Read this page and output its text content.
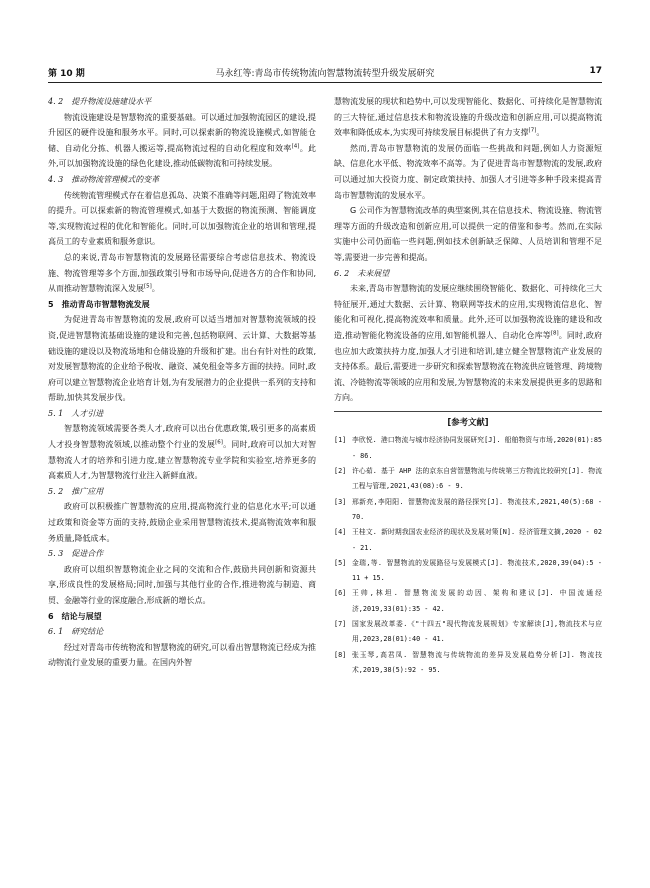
第 10 期	马永红等:青岛市传统物流向智慧物流转型升级发展研究	17

4. 2　提升物流设施建设水平

物流设施建设是智慧物流的重要基础。可以通过加强物流园区的建设,提升园区的硬件设施和服务水平。同时,可以探索新的物流设施模式,如智能仓储、自动化分拣、机器人搬运等,提高物流过程的自动化程度和效率[4]。此外,可以加强物流设施的绿色化建设,推动低碳物流和可持续发展。

4. 3　推动物流管理模式的变革

传统物流管理模式存在着信息孤岛、决策不准确等问题,阻碍了物流效率的提升。可以探索新的物流管理模式,如基于大数据的物流预测、智能调度等,实现物流过程的优化和智能化。同时,可以加强物流企业的培训和管理,提高员工的专业素质和服务意识。

总的来说,青岛市智慧物流的发展路径需要综合考虑信息技术、物流设施、物流管理等多个方面,加强政策引导和市场导向,促进各方的合作和协同,从而推动智慧物流深入发展[5]。

5　推动青岛市智慧物流发展

为促进青岛市智慧物流的发展,政府可以适当增加对智慧物流领域的投资,促进智慧物流基础设施的建设和完善,包括物联网、云计算、大数据等基础设施的建设以及物流场地和仓储设施的升级和扩建。出台有针对性的政策,对发展智慧物流的企业给予税收、融资、减免租金等多方面的扶持。同时,政府可以建立智慧物流企业培育计划,为有发展潜力的企业提供一系列的支持和帮助,加快其发展步伐。

5. 1　人才引进

智慧物流领域需要各类人才,政府可以出台优惠政策,吸引更多的高素质人才投身智慧物流领域,以推动整个行业的发展[6]。同时,政府可以加大对智慧物流人才的培养和引进力度,建立智慧物流专业学院和实验室,培养更多的高素质人才,为智慧物流行业注入新鲜血液。

5. 2　推广应用

政府可以积极推广智慧物流的应用,提高物流行业的信息化水平;可以通过政策和资金等方面的支持,鼓励企业采用智慧物流技术,提高物流效率和服务质量,降低成本。

5. 3　促进合作

政府可以组织智慧物流企业之间的交流和合作,鼓励共同创新和资源共享,形成良性的发展格局;同时,加强与其他行业的合作,推进物流与制造、商贸、金融等行业的深度融合,形成新的增长点。

6　结论与展望

6. 1　研究结论

经过对青岛市传统物流和智慧物流的研究,可以看出智慧物流已经成为推动物流行业发展的重要力量。在国内外智

慧物流发展的现状和趋势中,可以发现智能化、数据化、可持续化是智慧物流的三大特征,通过信息技术和物流设施的升级改造和创新应用,可以提高物流效率和降低成本,为实现可持续发展目标提供了有力支撑[7]。

然而,青岛市智慧物流的发展仍面临一些挑战和问题,例如人力资源短缺、信息化水平低、物流效率不高等。为了促进青岛市智慧物流的发展,政府可以通过加大投资力度、制定政策扶持、加强人才引进等多种手段来提高青岛市智慧物流的发展水平。

G 公司作为智慧物流改革的典型案例,其在信息技术、物流设施、物流管理等方面的升级改造和创新应用,可以提供一定的借鉴和参考。然而,在实际实施中公司仍面临一些问题,例如技术创新缺乏保障、人员培训和管理不足等,需要进一步完善和提高。

6. 2　未来展望

未来,青岛市智慧物流的发展应继续围绕智能化、数据化、可持续化三大特征展开,通过大数据、云计算、物联网等技术的应用,实现物流信息化、智能化和可视化,提高物流效率和质量。此外,还可以加强物流设施的建设和改造,推动智能化物流设备的应用,如智能机器人、自动化仓库等[8]。同时,政府也应加大政策扶持力度,加强人才引进和培训,建立健全智慧物流产业发展的支持体系。最后,需要进一步研究和探索智慧物流在物流供应链管理、跨境物流、冷链物流等领域的应用和发展,为智慧物流的未来发展提供更多的思路和方向。

[参考文献]
[1] 李欣悦. 港口物流与城市经济协同发展研究[J]. 船舶物资与市场,2020(01):85 - 86.
[2] 许心茹. 基于 AHP 法的京东自营智慧物流与传统第三方物流比较研究[J]. 物流工程与管理,2021,43(08):6 - 9.
[3] 邢新亮,李阳阳. 智慧物流发展的路径探究[J]. 物流技术,2021,40(5):68 - 70.
[4] 王桂文. 新时期我国农业经济的现状及发展对策[N]. 经济管理文摘,2020 - 02 - 21.
[5] 金瑞,等. 智慧物流的发展路径与发展模式[J]. 物流技术,2020,39(04):5 - 11 + 15.
[6] 王帅,林坦. 智慧物流发展的动因、架构和建议[J]. 中国流通经济,2019,33(01):35 - 42.
[7] 国家发展改革委.《"十四五"现代物流发展规划》专家解读[J],物流技术与应用,2023,28(01):40 - 41.
[8] 张玉琴,高君凤. 智慧物流与传统物流的差异及发展趋势分析[J]. 物流技术,2019,38(5):92 - 95.
